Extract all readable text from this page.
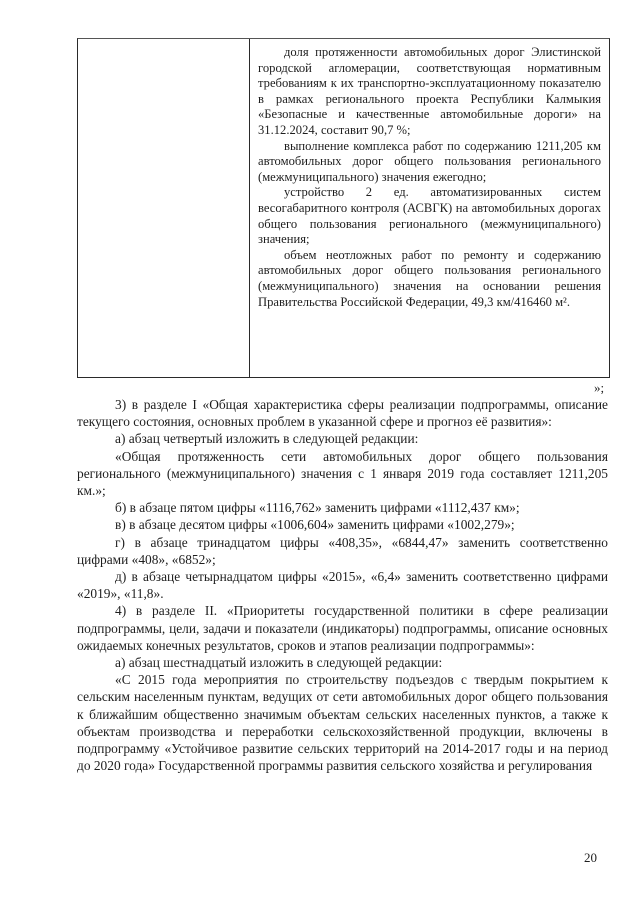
доля протяженности автомобильных дорог Элистинской городской агломерации, соответствующая нормативным требованиям к их транспортно-эксплуатационному показателю в рамках регионального проекта Республики Калмыкия «Безопасные и качественные автомобильные дороги» на 31.12.2024, составит 90,7 %;

выполнение комплекса работ по содержанию 1211,205 км автомобильных дорог общего пользования регионального (межмуниципального) значения ежегодно;

устройство 2 ед. автоматизированных систем весогабаритного контроля (АСВГК) на автомобильных дорогах общего пользования регионального (межмуниципального) значения;

объем неотложных работ по ремонту и содержанию автомобильных дорог общего пользования регионального (межмуниципального) значения на основании решения Правительства Российской Федерации, 49,3 км/416460 м².

»;

3) в разделе I «Общая характеристика сферы реализации подпрограммы, описание текущего состояния, основных проблем в указанной сфере и прогноз её развития»:

а) абзац четвертый изложить в следующей редакции:

«Общая протяженность сети автомобильных дорог общего пользования регионального (межмуниципального) значения с 1 января 2019 года составляет 1211,205 км.»;

б) в абзаце пятом цифры «1116,762» заменить цифрами «1112,437 км»;

в) в абзаце десятом цифры «1006,604» заменить цифрами «1002,279»;

г) в абзаце тринадцатом цифры «408,35», «6844,47» заменить соответственно цифрами «408», «6852»;

д) в абзаце четырнадцатом цифры «2015», «6,4» заменить соответственно цифрами «2019», «11,8».

4) в разделе II. «Приоритеты государственной политики в сфере реализации подпрограммы, цели, задачи и показатели (индикаторы) подпрограммы, описание основных ожидаемых конечных результатов, сроков и этапов реализации подпрограммы»:

а) абзац шестнадцатый изложить в следующей редакции:

«С 2015 года мероприятия по строительству подъездов с твердым покрытием к сельским населенным пунктам, ведущих от сети автомобильных дорог общего пользования к ближайшим общественно значимым объектам сельских населенных пунктов, а также к объектам производства и переработки сельскохозяйственной продукции, включены в подпрограмму «Устойчивое развитие сельских территорий на 2014-2017 годы и на период до 2020 года» Государственной программы развития сельского хозяйства и регулирования

20
